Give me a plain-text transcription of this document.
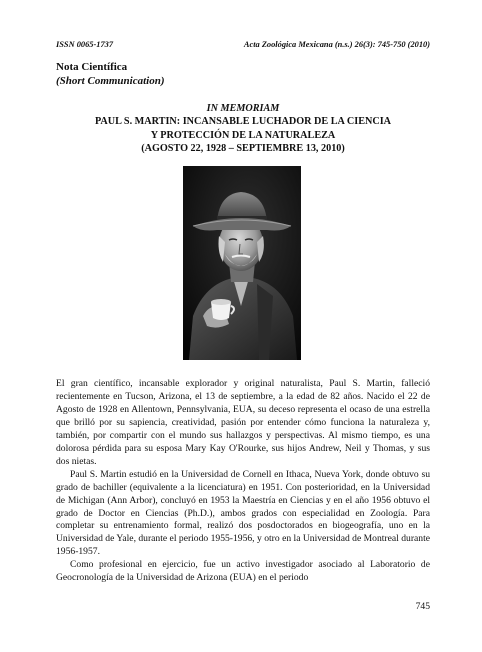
ISSN 0065-1737	Acta Zoológica Mexicana (n.s.) 26(3): 745-750 (2010)
Nota Científica
(Short Communication)
IN MEMORIAM
PAUL S. MARTIN: INCANSABLE LUCHADOR DE LA CIENCIA
Y PROTECCIÓN DE LA NATURALEZA
(AGOSTO 22, 1928 – SEPTIEMBRE 13, 2010)

El gran científico, incansable explorador y original naturalista, Paul S. Martin, falleció recientemente en Tucson, Arizona, el 13 de septiembre, a la edad de 82 años. Nacido el 22 de Agosto de 1928 en Allentown, Pennsylvania, EUA, su deceso representa el ocaso de una estrella que brilló por su sapiencia, creatividad, pasión por entender cómo funciona la naturaleza y, también, por compartir con el mundo sus hallazgos y perspectivas. Al mismo tiempo, es una dolorosa pérdida para su esposa Mary Kay O'Rourke, sus hijos Andrew, Neil y Thomas, y sus dos nietas.

Paul S. Martin estudió en la Universidad de Cornell en Ithaca, Nueva York, donde obtuvo su grado de bachiller (equivalente a la licenciatura) en 1951. Con posterioridad, en la Universidad de Michigan (Ann Arbor), concluyó en 1953 la Maestría en Ciencias y en el año 1956 obtuvo el grado de Doctor en Ciencias (Ph.D.), ambos grados con especialidad en Zoología. Para completar su entrenamiento formal, realizó dos posdoctorados en biogeografía, uno en la Universidad de Yale, durante el periodo 1955-1956, y otro en la Universidad de Montreal durante 1956-1957.

Como profesional en ejercicio, fue un activo investigador asociado al Laboratorio de Geocronología de la Universidad de Arizona (EUA) en el periodo

745
